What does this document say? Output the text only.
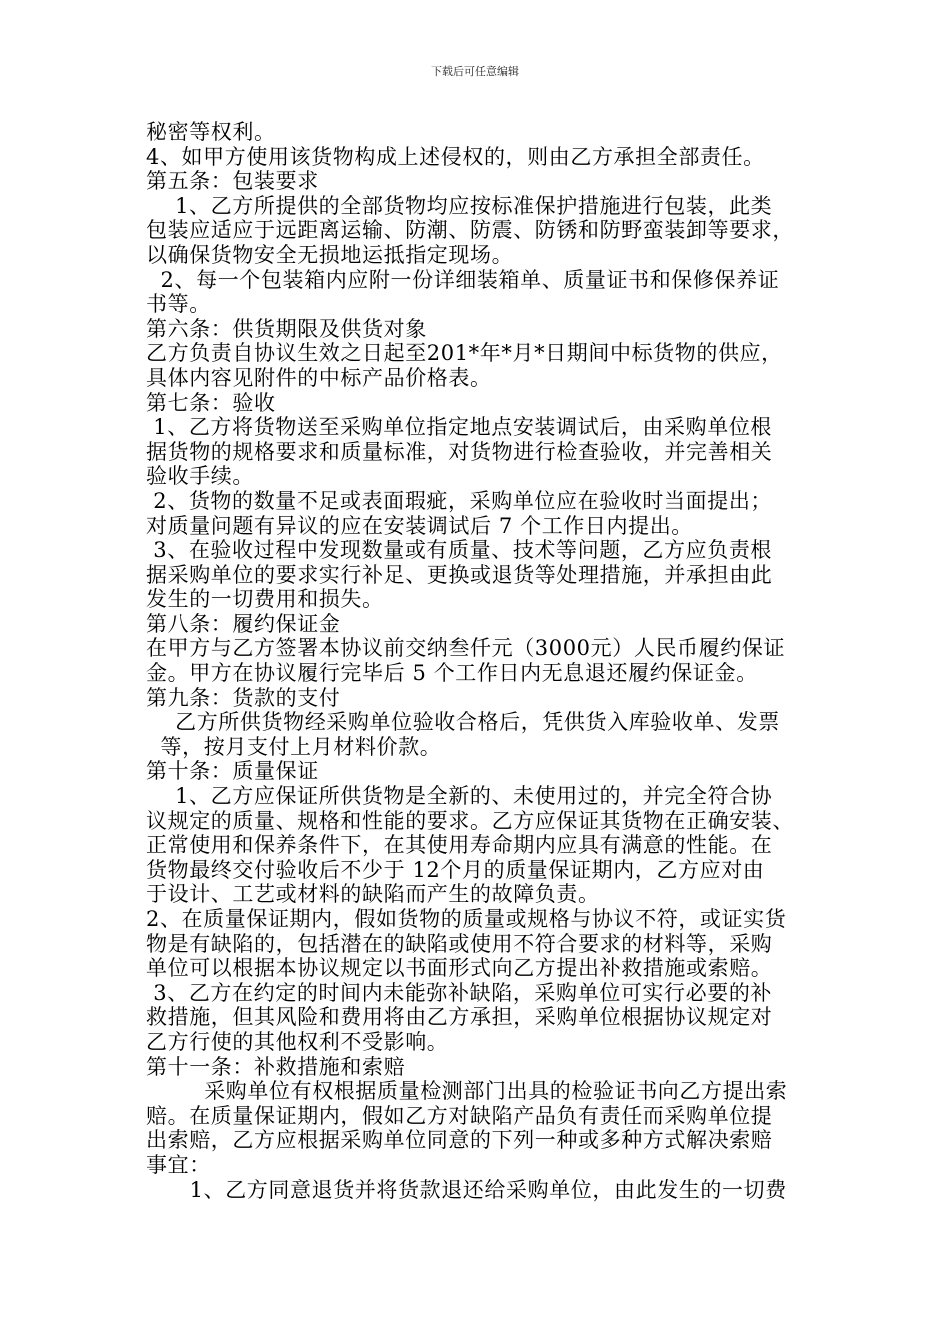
下载后可任意编辑
秘密等权利。
4、如甲方使用该货物构成上述侵权的，则由乙方承担全部责任。
第五条：包装要求
1、乙方所提供的全部货物均应按标准保护措施进行包装，此类
包装应适应于远距离运输、防潮、防震、防锈和防野蛮装卸等要求，
以确保货物安全无损地运抵指定现场。
2、每一个包装箱内应附一份详细装箱单、质量证书和保修保养证
书等。
第六条：供货期限及供货对象
乙方负责自协议生效之日起至201*年*月*日期间中标货物的供应，
具体内容见附件的中标产品价格表。
第七条：验收
1、乙方将货物送至采购单位指定地点安装调试后，由采购单位根
据货物的规格要求和质量标准，对货物进行检查验收，并完善相关
验收手续。
2、货物的数量不足或表面瑕疵，采购单位应在验收时当面提出；
对质量问题有异议的应在安装调试后 7 个工作日内提出。
3、在验收过程中发现数量或有质量、技术等问题，乙方应负责根
据采购单位的要求实行补足、更换或退货等处理措施，并承担由此
发生的一切费用和损失。
第八条：履约保证金
在甲方与乙方签署本协议前交纳叁仟元（3000元）人民币履约保证
金。甲方在协议履行完毕后 5 个工作日内无息退还履约保证金。
第九条：货款的支付
乙方所供货物经采购单位验收合格后，凭供货入库验收单、发票
等，按月支付上月材料价款。
第十条：质量保证
1、乙方应保证所供货物是全新的、未使用过的，并完全符合协
议规定的质量、规格和性能的要求。乙方应保证其货物在正确安装、
正常使用和保养条件下，在其使用寿命期内应具有满意的性能。在
货物最终交付验收后不少于 12个月的质量保证期内，乙方应对由
于设计、工艺或材料的缺陷而产生的故障负责。
2、在质量保证期内，假如货物的质量或规格与协议不符，或证实货
物是有缺陷的，包括潜在的缺陷或使用不符合要求的材料等，采购
单位可以根据本协议规定以书面形式向乙方提出补救措施或索赔。
3、乙方在约定的时间内未能弥补缺陷，采购单位可实行必要的补
救措施，但其风险和费用将由乙方承担，采购单位根据协议规定对
乙方行使的其他权利不受影响。
第十一条：补救措施和索赔
采购单位有权根据质量检测部门出具的检验证书向乙方提出索
赔。在质量保证期内，假如乙方对缺陷产品负有责任而采购单位提
出索赔，乙方应根据采购单位同意的下列一种或多种方式解决索赔
事宜：
1、乙方同意退货并将货款退还给采购单位，由此发生的一切费
